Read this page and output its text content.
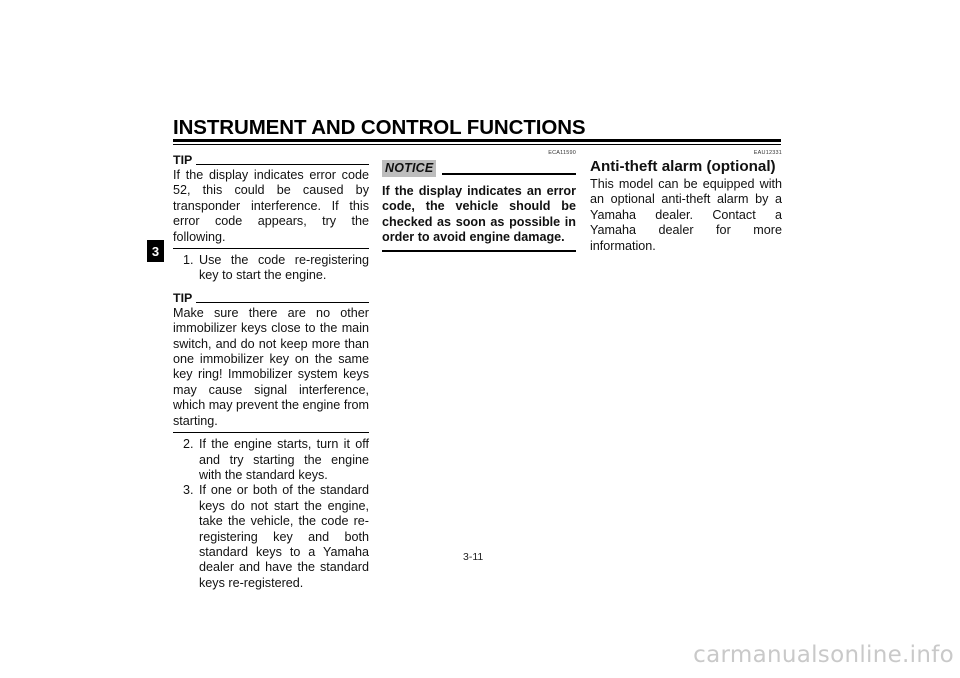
INSTRUMENT AND CONTROL FUNCTIONS
3
TIP
If the display indicates error code 52, this could be caused by transponder interference. If this error code appears, try the following.
1. Use the code re-registering key to start the engine.
TIP
Make sure there are no other immobilizer keys close to the main switch, and do not keep more than one immobilizer key on the same key ring! Immobilizer system keys may cause signal interference, which may prevent the engine from starting.
2. If the engine starts, turn it off and try starting the engine with the standard keys.
3. If one or both of the standard keys do not start the engine, take the vehicle, the code re-registering key and both standard keys to a Yamaha dealer and have the standard keys re-registered.
ECA11590
NOTICE
If the display indicates an error code, the vehicle should be checked as soon as possible in order to avoid engine damage.
EAU12331
Anti-theft alarm (optional)
This model can be equipped with an optional anti-theft alarm by a Yamaha dealer. Contact a Yamaha dealer for more information.
3-11
carmanualsonline.info
